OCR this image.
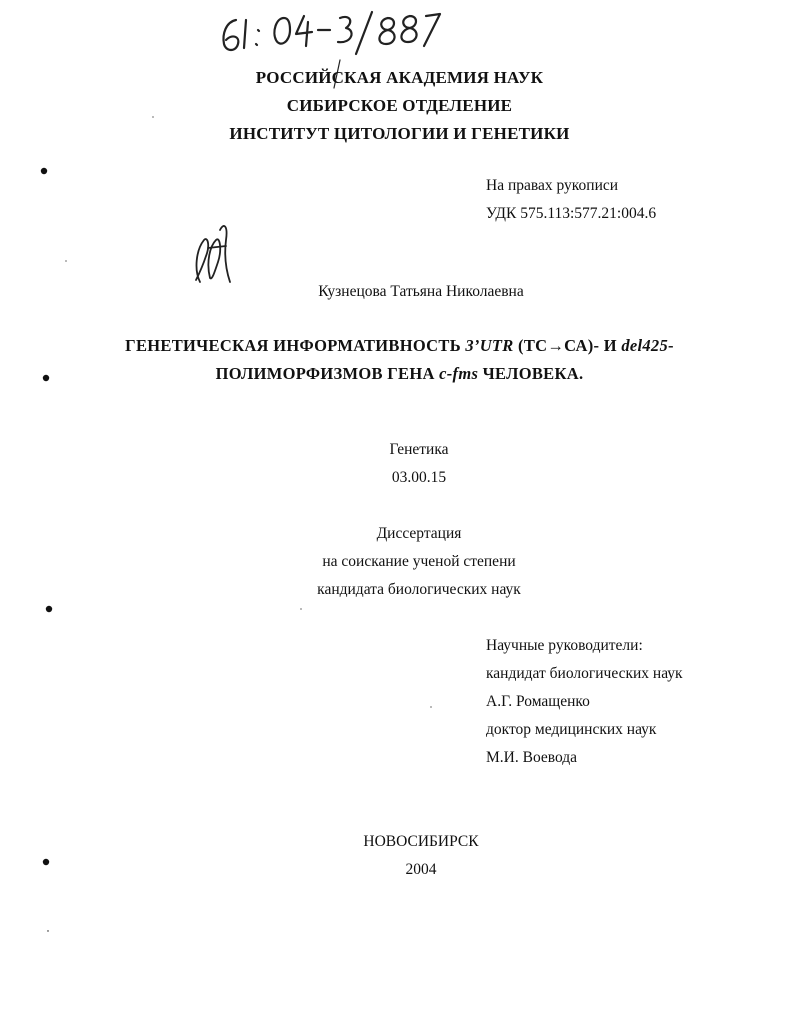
РОССИЙСКАЯ АКАДЕМИЯ НАУК
СИБИРСКОЕ ОТДЕЛЕНИЕ
ИНСТИТУТ ЦИТОЛОГИИ И ГЕНЕТИКИ
На правах рукописи
УДК 575.113:577.21:004.6
Кузнецова Татьяна Николаевна
ГЕНЕТИЧЕСКАЯ ИНФОРМАТИВНОСТЬ 3’UTR (ТС→СА)- И del425-
ПОЛИМОРФИЗМОВ ГЕНА c-fms ЧЕЛОВЕКА.
Генетика
03.00.15
Диссертация
на соискание ученой степени
кандидата биологических наук
Научные руководители:
кандидат биологических наук
А.Г. Ромащенко
доктор медицинских наук
М.И. Воевода
НОВОСИБИРСК
2004
